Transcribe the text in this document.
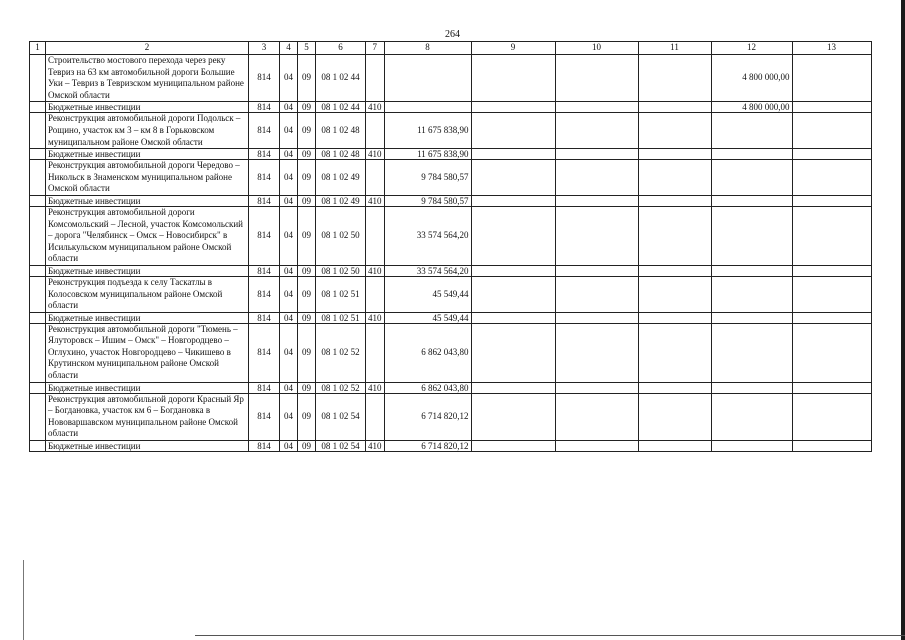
264
1	2	3	4	5	6	7	8	9	10	11	12	13
	Строительство мостового перехода через реку Тевриз на 63 км автомобильной дороги Большие Уки – Тевриз в Тевризском муниципальном районе Омской области	814	04	09	08 1 02 44						4 800 000,00	
	Бюджетные инвестиции	814	04	09	08 1 02 44	410					4 800 000,00	
	Реконструкция автомобильной дороги Подольск – Рощино, участок км 3 – км 8 в Горьковском муниципальном районе Омской области	814	04	09	08 1 02 48		11 675 838,90					
	Бюджетные инвестиции	814	04	09	08 1 02 48	410	11 675 838,90					
	Реконструкция автомобильной дороги Чередово – Никольск в Знаменском муниципальном районе Омской области	814	04	09	08 1 02 49		9 784 580,57					
	Бюджетные инвестиции	814	04	09	08 1 02 49	410	9 784 580,57					
	Реконструкция автомобильной дороги Комсомольский – Лесной, участок Комсомольский – дорога "Челябинск – Омск – Новосибирск" в Исилькульском муниципальном районе Омской области	814	04	09	08 1 02 50		33 574 564,20					
	Бюджетные инвестиции	814	04	09	08 1 02 50	410	33 574 564,20					
	Реконструкция подъезда к селу Таскатлы в Колосовском муниципальном районе Омской области	814	04	09	08 1 02 51		45 549,44					
	Бюджетные инвестиции	814	04	09	08 1 02 51	410	45 549,44					
	Реконструкция автомобильной дороги "Тюмень – Ялуторовск – Ишим – Омск" – Новгородцево – Оглухино, участок Новгородцево – Чикишево в Крутинском муниципальном районе Омской области	814	04	09	08 1 02 52		6 862 043,80					
	Бюджетные инвестиции	814	04	09	08 1 02 52	410	6 862 043,80					
	Реконструкция автомобильной дороги Красный Яр – Богдановка, участок км 6 – Богдановка в Нововаршавском муниципальном районе Омской области	814	04	09	08 1 02 54		6 714 820,12					
	Бюджетные инвестиции	814	04	09	08 1 02 54	410	6 714 820,12					
